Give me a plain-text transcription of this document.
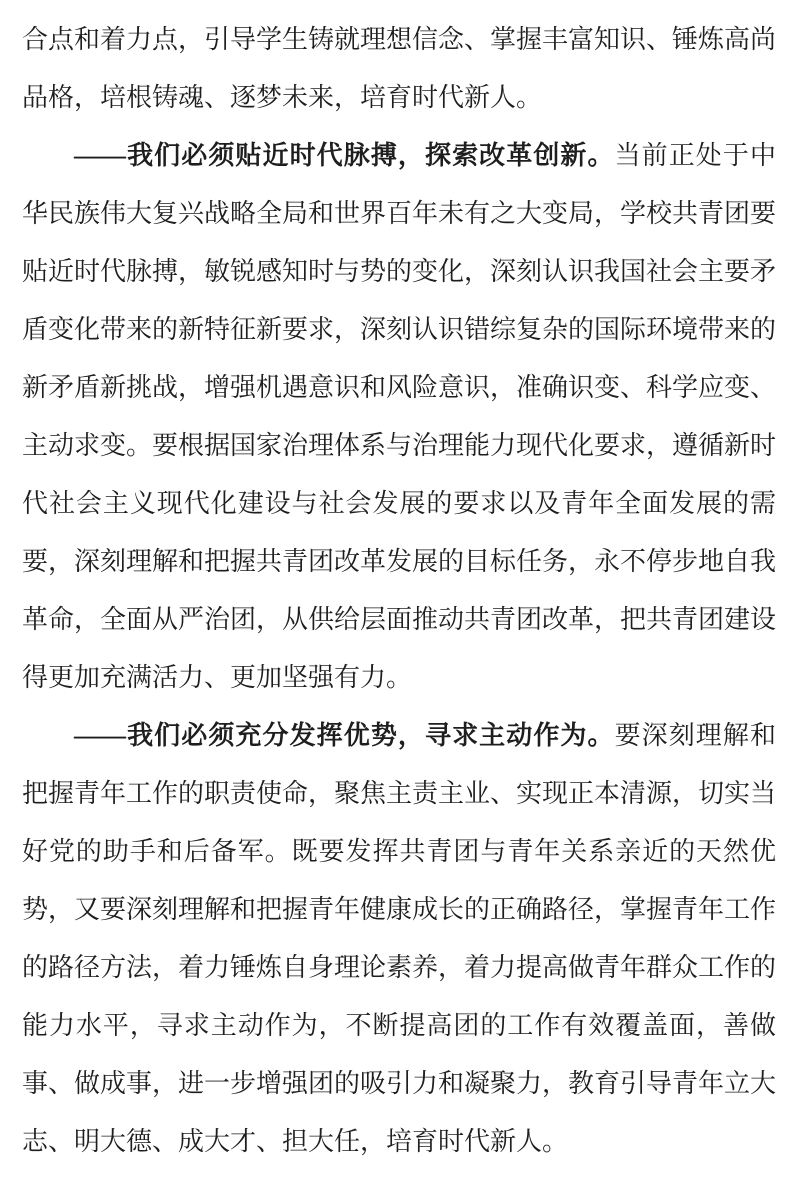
合点和着力点，引导学生铸就理想信念、掌握丰富知识、锤炼高尚品格，培根铸魂、逐梦未来，培育时代新人。

——我们必须贴近时代脉搏，探索改革创新。当前正处于中华民族伟大复兴战略全局和世界百年未有之大变局，学校共青团要贴近时代脉搏，敏锐感知时与势的变化，深刻认识我国社会主要矛盾变化带来的新特征新要求，深刻认识错综复杂的国际环境带来的新矛盾新挑战，增强机遇意识和风险意识，准确识变、科学应变、主动求变。要根据国家治理体系与治理能力现代化要求，遵循新时代社会主义现代化建设与社会发展的要求以及青年全面发展的需要，深刻理解和把握共青团改革发展的目标任务，永不停步地自我革命，全面从严治团，从供给层面推动共青团改革，把共青团建设得更加充满活力、更加坚强有力。

——我们必须充分发挥优势，寻求主动作为。要深刻理解和把握青年工作的职责使命，聚焦主责主业、实现正本清源，切实当好党的助手和后备军。既要发挥共青团与青年关系亲近的天然优势，又要深刻理解和把握青年健康成长的正确路径，掌握青年工作的路径方法，着力锤炼自身理论素养，着力提高做青年群众工作的能力水平，寻求主动作为，不断提高团的工作有效覆盖面，善做事、做成事，进一步增强团的吸引力和凝聚力，教育引导青年立大志、明大德、成大才、担大任，培育时代新人。
